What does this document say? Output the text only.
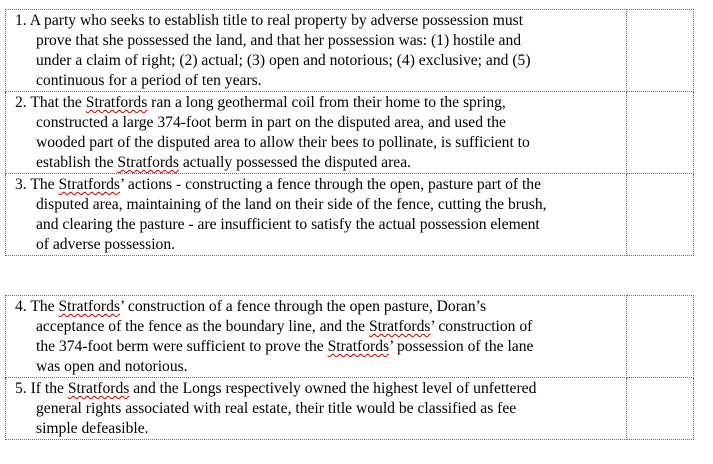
1. A party who seeks to establish title to real property by adverse possession must
prove that she possessed the land, and that her possession was: (1) hostile and
under a claim of right; (2) actual; (3) open and notorious; (4) exclusive; and (5)
continuous for a period of ten years.	

2. That the Stratfords ran a long geothermal coil from their home to the spring,
constructed a large 374-foot berm in part on the disputed area, and used the
wooded part of the disputed area to allow their bees to pollinate, is sufficient to
establish the Stratfords actually possessed the disputed area.	

3. The Stratfords’ actions - constructing a fence through the open, pasture part of the
disputed area, maintaining of the land on their side of the fence, cutting the brush,
and clearing the pasture - are insufficient to satisfy the actual possession element
of adverse possession.	

4. The Stratfords’ construction of a fence through the open pasture, Doran’s
acceptance of the fence as the boundary line, and the Stratfords’ construction of
the 374-foot berm were sufficient to prove the Stratfords’ possession of the lane
was open and notorious.	

5. If the Stratfords and the Longs respectively owned the highest level of unfettered
general rights associated with real estate, their title would be classified as fee
simple defeasible.	
